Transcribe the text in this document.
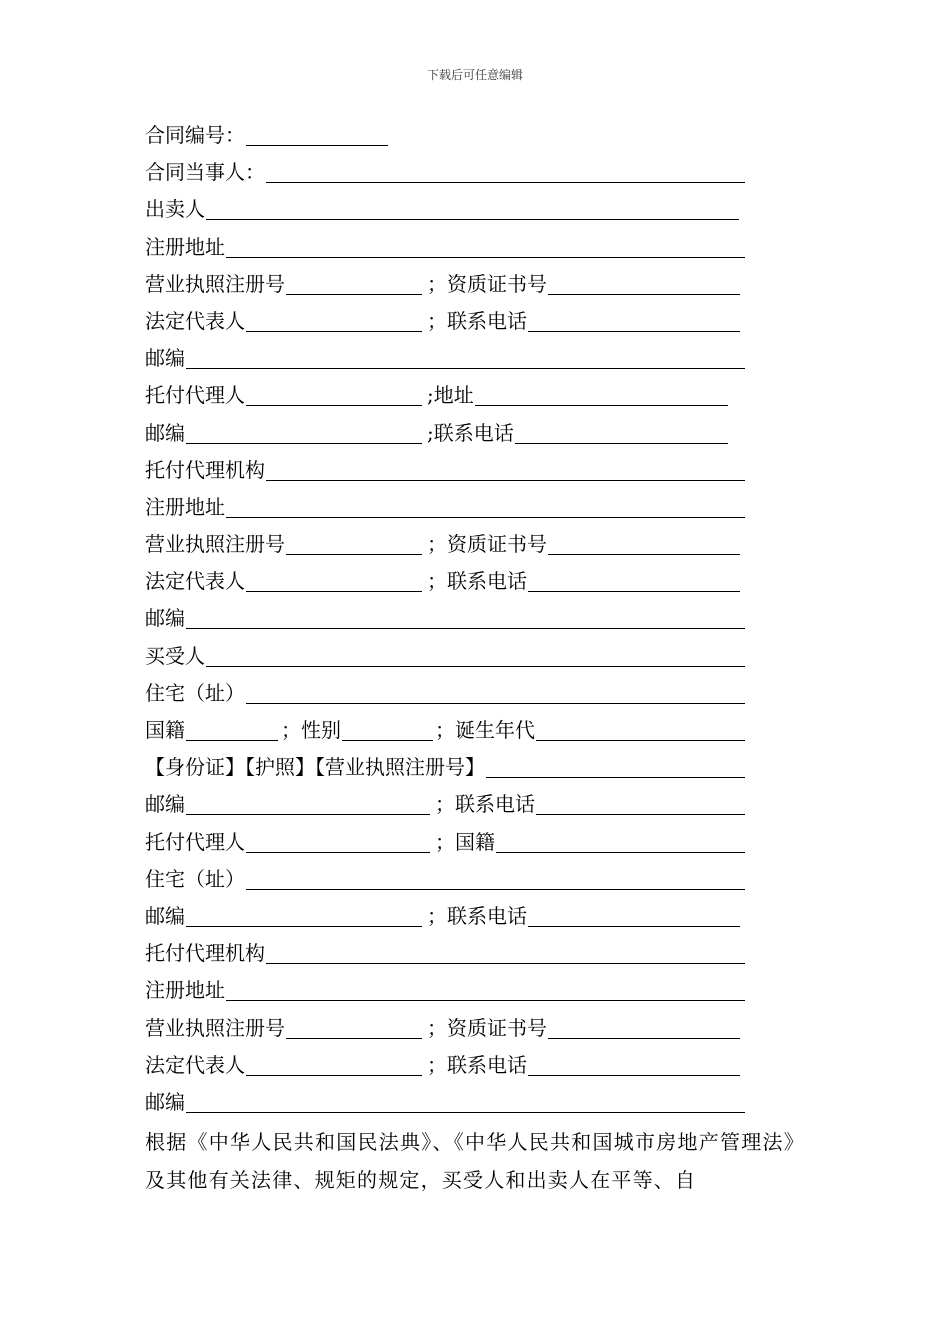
下载后可任意编辑
合同编号：
合同当事人：
出卖人
注册地址
营业执照注册号	；资质证书号
法定代表人	；联系电话
邮编
托付代理人	;地址
邮编	;联系电话
托付代理机构
注册地址
营业执照注册号	；资质证书号
法定代表人	；联系电话
邮编
买受人
住宅（址）
国籍	；性别	；诞生年代
【身份证】【护照】【营业执照注册号】
邮编	；联系电话
托付代理人	；国籍
住宅（址）
邮编	；联系电话
托付代理机构
注册地址
营业执照注册号	；资质证书号
法定代表人	；联系电话
邮编
根据《中华人民共和国民法典》、《中华人民共和国城市房地产管理法》及其他有关法律、规矩的规定，买受人和出卖人在平等、自
